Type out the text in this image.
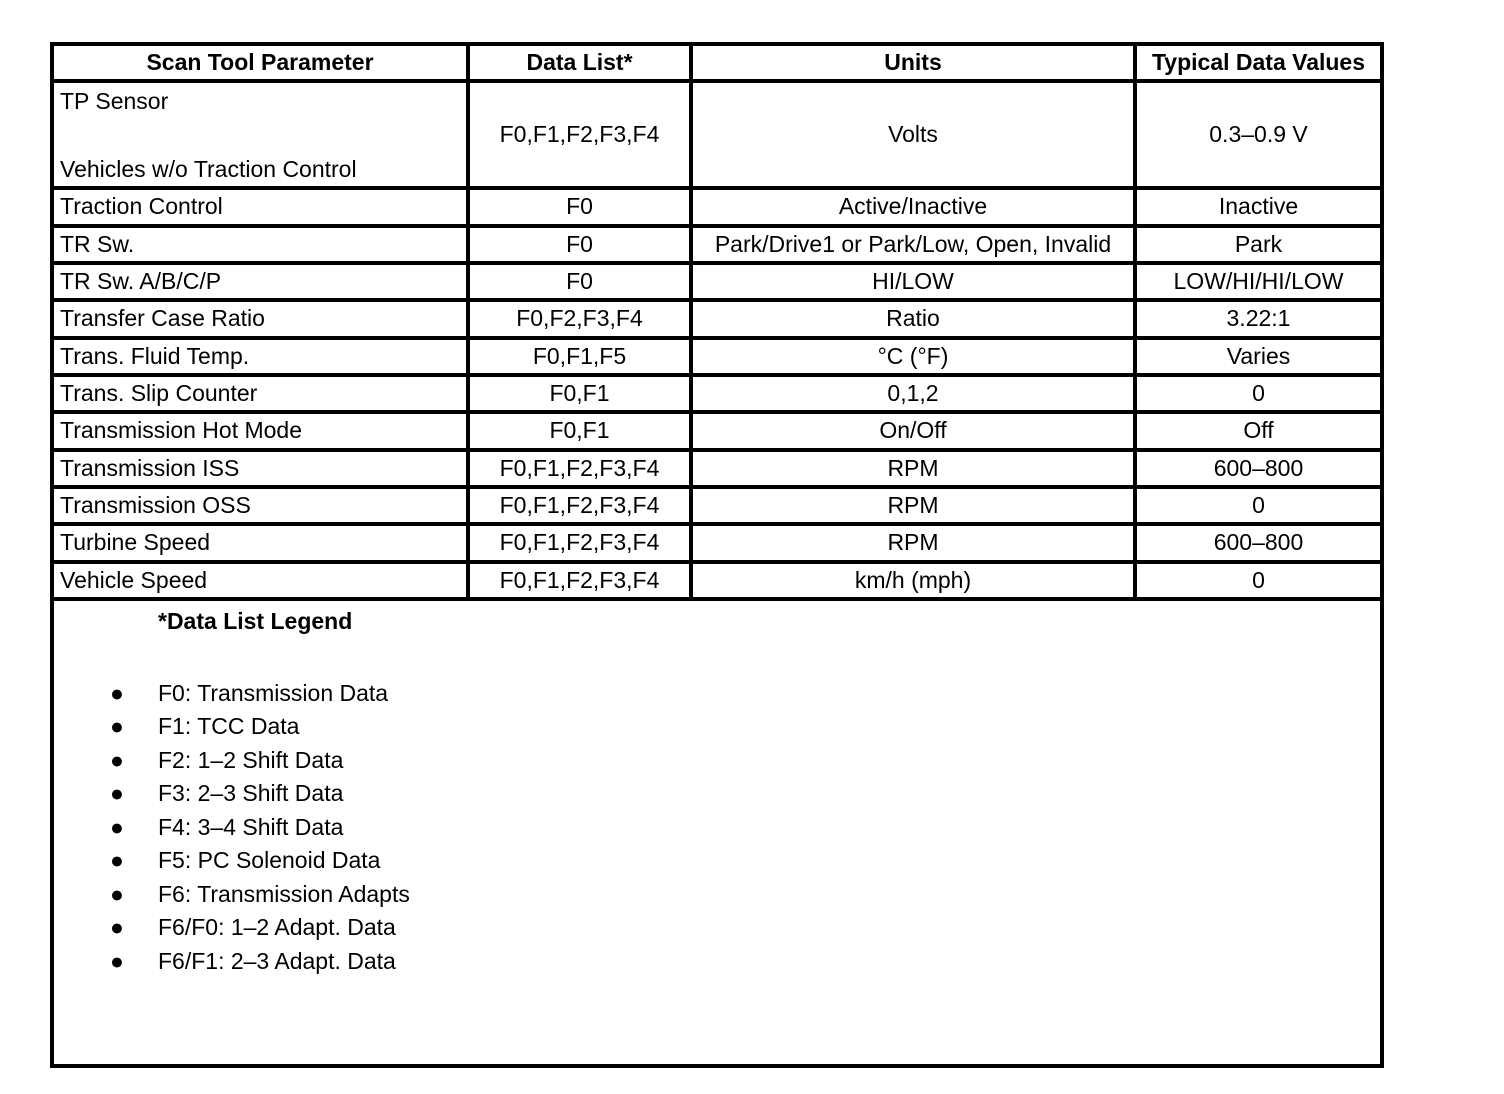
Scan Tool Parameter	Data List*	Units	Typical Data Values

TP Sensor
Vehicles w/o Traction Control	F0,F1,F2,F3,F4	Volts	0.3–0.9 V
Traction Control	F0	Active/Inactive	Inactive
TR Sw.	F0	Park/Drive1 or Park/Low, Open, Invalid	Park
TR Sw. A/B/C/P	F0	HI/LOW	LOW/HI/HI/LOW
Transfer Case Ratio	F0,F2,F3,F4	Ratio	3.22:1
Trans. Fluid Temp.	F0,F1,F5	°C (°F)	Varies
Trans. Slip Counter	F0,F1	0,1,2	0
Transmission Hot Mode	F0,F1	On/Off	Off
Transmission ISS	F0,F1,F2,F3,F4	RPM	600–800
Transmission OSS	F0,F1,F2,F3,F4	RPM	0
Turbine Speed	F0,F1,F2,F3,F4	RPM	600–800
Vehicle Speed	F0,F1,F2,F3,F4	km/h (mph)	0
*Data List Legend
● F0: Transmission Data
● F1: TCC Data
● F2: 1–2 Shift Data
● F3: 2–3 Shift Data
● F4: 3–4 Shift Data
● F5: PC Solenoid Data
● F6: Transmission Adapts
● F6/F0: 1–2 Adapt. Data
● F6/F1: 2–3 Adapt. Data
